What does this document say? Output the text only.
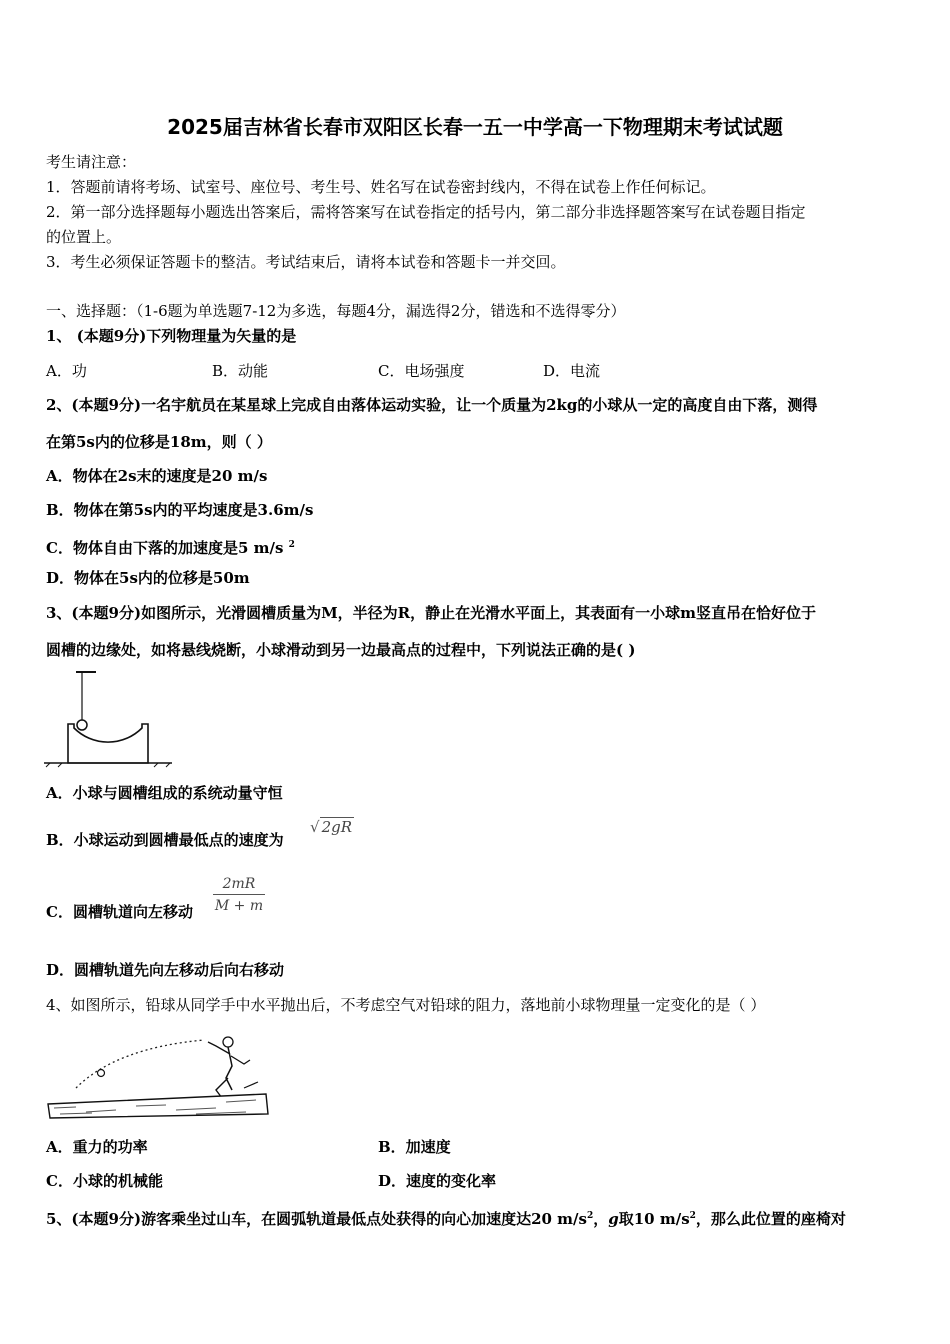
2025届吉林省长春市双阳区长春一五一中学高一下物理期末考试试题
考生请注意：
1．答题前请将考场、试室号、座位号、考生号、姓名写在试卷密封线内，不得在试卷上作任何标记。
2．第一部分选择题每小题选出答案后，需将答案写在试卷指定的括号内，第二部分非选择题答案写在试卷题目指定
的位置上。
3．考生必须保证答题卡的整洁。考试结束后，请将本试卷和答题卡一并交回。
一、选择题：（1-6题为单选题7-12为多选，每题4分，漏选得2分，错选和不选得零分）
1、 (本题9分)下列物理量为矢量的是
A．功	B．动能	C．电场强度	D．电流
2、(本题9分)一名宇航员在某星球上完成自由落体运动实验，让一个质量为2kg的小球从一定的高度自由下落，测得
在第5s内的位移是18m，则（ ）
A．物体在2s末的速度是20 m/s
B．物体在第5s内的平均速度是3.6m/s
C．物体自由下落的加速度是5 m/s $^2$
D．物体在5s内的位移是50m
3、(本题9分)如图所示，光滑圆槽质量为M，半径为R，静止在光滑水平面上，其表面有一小球m竖直吊在恰好位于
圆槽的边缘处，如将悬线烧断，小球滑动到另一边最高点的过程中，下列说法正确的是( )
A．小球与圆槽组成的系统动量守恒
B．小球运动到圆槽最低点的速度为
√ 2gR
C．圆槽轨道向左移动 $\frac{2mR}{M + m}$
D．圆槽轨道先向左移动后向右移动
4、如图所示，铅球从同学手中水平抛出后，不考虑空气对铅球的阻力，落地前小球物理量一定变化的是（ ）
A．重力的功率	B．加速度
C．小球的机械能	D．速度的变化率
5、(本题9分)游客乘坐过山车，在圆弧轨道最低点处获得的向心加速度达20 $m/s^2$，g取10 $m/s^2$，那么此位置的座椅对
